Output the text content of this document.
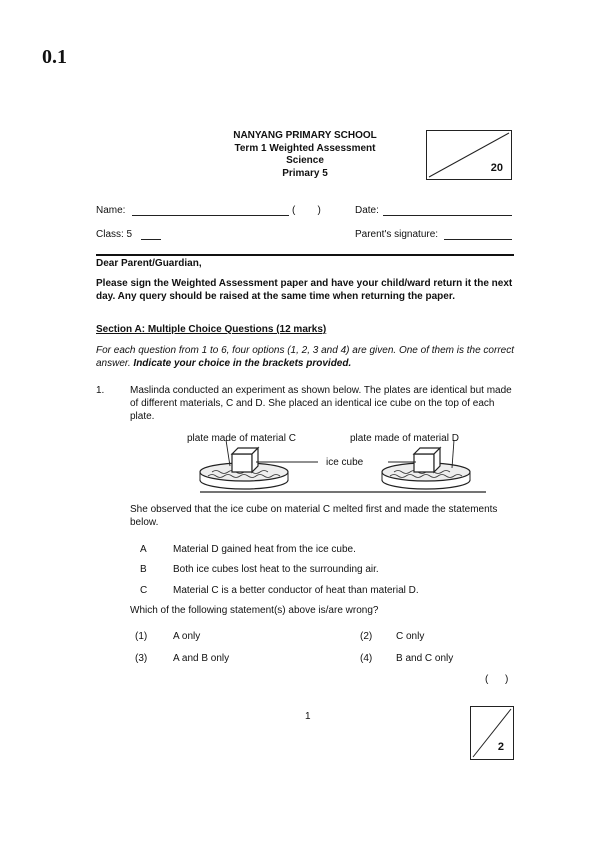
0.1
NANYANG PRIMARY SCHOOL
Term 1 Weighted Assessment
Science
Primary 5	20
Name:	(        )	Date:
Class: 5	Parent's signature:
Dear Parent/Guardian,
Please sign the Weighted Assessment paper and have your child/ward return it the next day. Any query should be raised at the same time when returning the paper.
Section A: Multiple Choice Questions (12 marks)
For each question from 1 to 6, four options (1, 2, 3 and 4) are given. One of them is the correct answer. Indicate your choice in the brackets provided.
1.	Maslinda conducted an experiment as shown below. The plates are identical but made of different materials, C and D. She placed an identical ice cube on the top of each plate.
plate made of material C	plate made of material D
ice cube
She observed that the ice cube on material C melted first and made the statements below.
A	Material D gained heat from the ice cube.
B	Both ice cubes lost heat to the surrounding air.
C	Material C is a better conductor of heat than material D.
Which of the following statement(s) above is/are wrong?
(1)	A only	(2) C only
(3)	A and B only	(4) B and C only
(      )
1
2
